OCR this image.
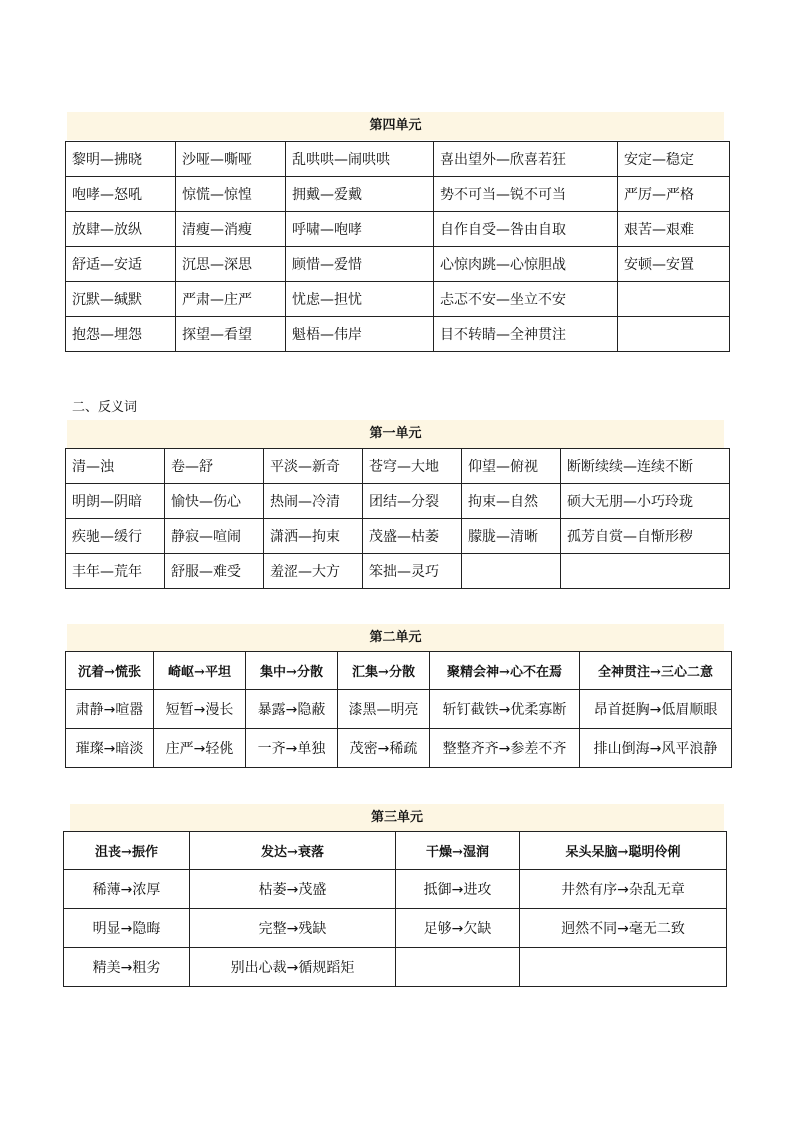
第四单元
黎明—拂晓	沙哑—嘶哑	乱哄哄—闹哄哄	喜出望外—欣喜若狂	安定—稳定
咆哮—怒吼	惊慌—惊惶	拥戴—爱戴	势不可当—锐不可当	严厉—严格
放肆—放纵	清瘦—消瘦	呼啸—咆哮	自作自受—咎由自取	艰苦—艰难
舒适—安适	沉思—深思	顾惜—爱惜	心惊肉跳—心惊胆战	安顿—安置
沉默—缄默	严肃—庄严	忧虑—担忧	忐忑不安—坐立不安	
抱怨—埋怨	探望—看望	魁梧—伟岸	目不转睛—全神贯注	
二、反义词
第一单元
清—浊	卷—舒	平淡—新奇	苍穹—大地	仰望—俯视	断断续续—连续不断
明朗—阴暗	愉快—伤心	热闹—冷清	团结—分裂	拘束—自然	硕大无朋—小巧玲珑
疾驰—缓行	静寂—喧闹	潇洒—拘束	茂盛—枯萎	朦胧—清晰	孤芳自赏—自惭形秽
丰年—荒年	舒服—难受	羞涩—大方	笨拙—灵巧		
第二单元
沉着→慌张	崎岖→平坦	集中→分散	汇集→分散	聚精会神→心不在焉	全神贯注→三心二意
肃静→喧嚣	短暂→漫长	暴露→隐蔽	漆黑—明亮	斩钉截铁→优柔寡断	昂首挺胸→低眉顺眼
璀璨→暗淡	庄严→轻佻	一齐→单独	茂密→稀疏	整整齐齐→参差不齐	排山倒海→风平浪静
第三单元
沮丧→振作	发达→衰落	干燥→湿润	呆头呆脑→聪明伶俐
稀薄→浓厚	枯萎→茂盛	抵御→进攻	井然有序→杂乱无章
明显→隐晦	完整→残缺	足够→欠缺	迥然不同→毫无二致
精美→粗劣	别出心裁→循规蹈矩		
